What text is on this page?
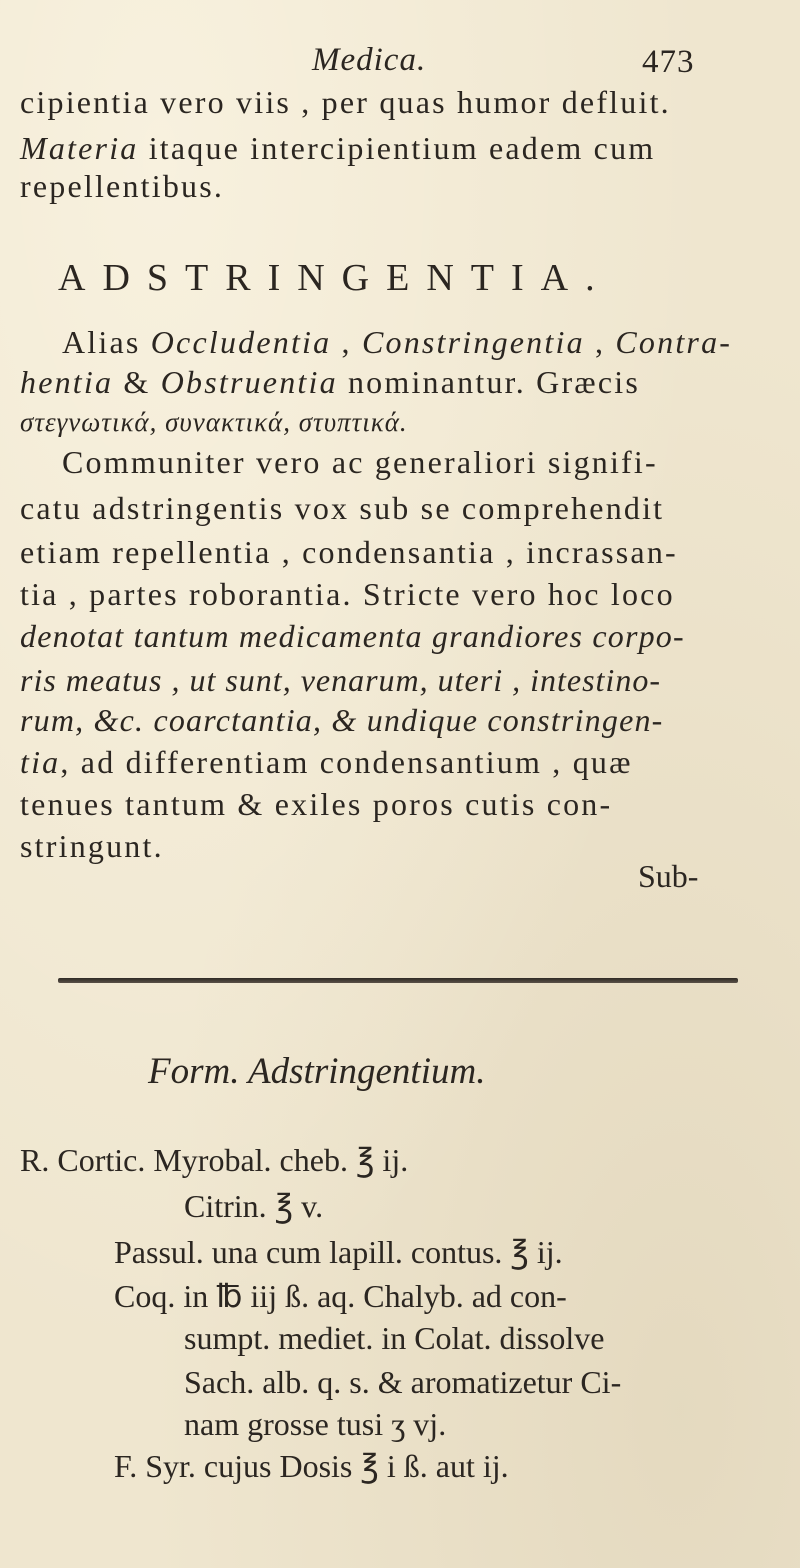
Medica.	473
cipientia vero viis , per quas humor defluit.
Materia itaque intercipientium eadem cum
repellentibus.
ADSTRINGENTIA.
Alias Occludentia , Constringentia , Contra-
hentia & Obstruentia nominantur. Græcis
στεγνωτικά, συνακτικά, στυπτικά.
Communiter vero ac generaliori signifi-
catu adstringentis vox sub se comprehendit
etiam repellentia , condensantia , incrassan-
tia , partes roborantia. Stricte vero hoc loco
denotat tantum medicamenta grandiores corpo-
ris meatus , ut sunt, venarum, uteri , intestino-
rum, &c. coarctantia, & undique constringen-
tia, ad differentiam condensantium , quæ
tenues tantum & exiles poros cutis con-
stringunt.
Sub-
Form. Adstringentium.
R. Cortic. Myrobal. cheb. ℥ ij.
Citrin. ℥ v.
Passul. una cum lapill. contus. ℥ ij.
Coq. in ℔ iij ß. aq. Chalyb. ad con-
sumpt. mediet. in Colat. dissolve
Sach. alb. q. s. & aromatizetur Ci-
nam grosse tusi ʒ vj.
F. Syr. cujus Dosis ℥ i ß. aut ij.
